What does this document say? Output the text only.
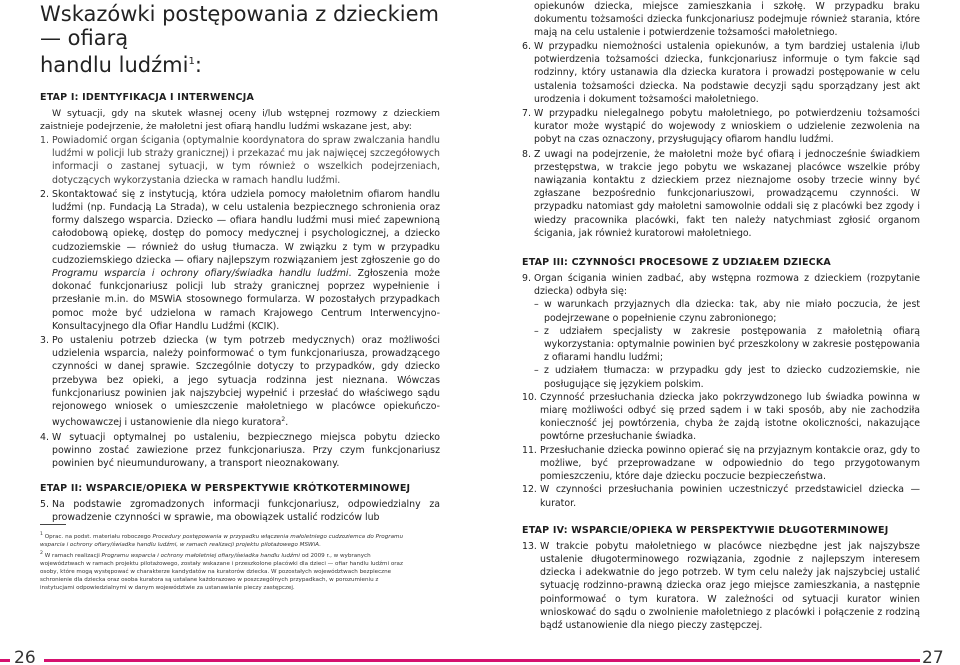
Wskazówki postępowania z dzieckiem — ofiarą
handlu ludźmi$^1$:
ETAP I: IDENTYFIKACJA I INTERWENCJA
W sytuacji, gdy na skutek własnej oceny i/lub wstępnej rozmowy z dzieckiem zaistnieje podejrzenie, że małoletni jest ofiarą handlu ludźmi wskazane jest, aby:
1. Powiadomić organ ścigania (optymalnie koordynatora do spraw zwalczania handlu ludźmi w policji lub straży granicznej) i przekazać mu jak najwięcej szczegółowych informacji o zastanej sytuacji, w tym również o wszelkich podejrzeniach, dotyczących wykorzystania dziecka w ramach handlu ludźmi.
2. Skontaktować się z instytucją, która udziela pomocy małoletnim ofiarom handlu ludźmi (np. Fundacją La Strada), w celu ustalenia bezpiecznego schronienia oraz formy dalszego wsparcia. Dziecko — ofiara handlu ludźmi musi mieć zapewnioną całodobową opiekę, dostęp do pomocy medycznej i psychologicznej, a dziecko cudzoziemskie — również do usług tłumacza. W związku z tym w przypadku cudzoziemskiego dziecka — ofiary najlepszym rozwiązaniem jest zgłoszenie go do Programu wsparcia i ochrony ofiary/świadka handlu ludźmi. Zgłoszenia może dokonać funkcjonariusz policji lub straży granicznej poprzez wypełnienie i przesłanie m.in. do MSWiA stosownego formularza. W pozostałych przypadkach pomoc może być udzielona w ramach Krajowego Centrum Interwencyjno-Konsultacyjnego dla Ofiar Handlu Ludźmi (KCIK).
3. Po ustaleniu potrzeb dziecka (w tym potrzeb medycznych) oraz możliwości udzielenia wsparcia, należy poinformować o tym funkcjonariusza, prowadzącego czynności w danej sprawie. Szczególnie dotyczy to przypadków, gdy dziecko przebywa bez opieki, a jego sytuacja rodzinna jest nieznana. Wówczas funkcjonariusz powinien jak najszybciej wypełnić i przesłać do właściwego sądu rejonowego wniosek o umieszczenie małoletniego w placówce opiekuńczo-wychowawczej i ustanowienie dla niego kuratora$^2$.
4. W sytuacji optymalnej po ustaleniu, bezpiecznego miejsca pobytu dziecko powinno zostać zawiezione przez funkcjonariusza. Przy czym funkcjonariusz powinien być nieumundurowany, a transport nieoznakowany.
ETAP II: WSPARCIE/OPIEKA W PERSPEKTYWIE KRÓTKOTERMINOWEJ
5. Na podstawie zgromadzonych informacji funkcjonariusz, odpowiedzialny za prowadzenie czynności w sprawie, ma obowiązek ustalić rodziców lub
$^1$ Oprac. na podst. materiału roboczego Procedury postępowania w przypadku włączenia małoletniego cudzoziemca do Programu wsparcia i ochrony ofiary/świadka handlu ludźmi, w ramach realizacji projektu pilotażowego MSWiA.
$^2$ W ramach realizacji Programu wsparcia i ochrony małoletniej ofiary/świadka handlu ludźmi od 2009 r., w wybranych województwach w ramach projektu pilotażowego, zostały wskazane i przeszkolone placówki dla dzieci — ofiar handlu ludźmi oraz osoby, które mogą występować w charakterze kandydatów na kuratorów dziecka. W pozostałych województwach bezpieczne schronienie dla dziecka oraz osoba kuratora są ustalane każdorazowo w poszczególnych przypadkach, w porozumieniu z instytucjami odpowiedzialnymi w danym województwie za ustanawianie pieczy zastępczej.
opiekunów dziecka, miejsce zamieszkania i szkołę. W przypadku braku dokumentu tożsamości dziecka funkcjonariusz podejmuje również starania, które mają na celu ustalenie i potwierdzenie tożsamości małoletniego.
6. W przypadku niemożności ustalenia opiekunów, a tym bardziej ustalenia i/lub potwierdzenia tożsamości dziecka, funkcjonariusz informuje o tym fakcie sąd rodzinny, który ustanawia dla dziecka kuratora i prowadzi postępowanie w celu ustalenia tożsamości dziecka. Na podstawie decyzji sądu sporządzany jest akt urodzenia i dokument tożsamości małoletniego.
7. W przypadku nielegalnego pobytu małoletniego, po potwierdzeniu tożsamości kurator może wystąpić do wojewody z wnioskiem o udzielenie zezwolenia na pobyt na czas oznaczony, przysługujący ofiarom handlu ludźmi.
8. Z uwagi na podejrzenie, że małoletni może być ofiarą i jednocześnie świadkiem przestępstwa, w trakcie jego pobytu we wskazanej placówce wszelkie próby nawiązania kontaktu z dzieckiem przez nieznajome osoby trzecie winny być zgłaszane bezpośrednio funkcjonariuszowi, prowadzącemu czynności. W przypadku natomiast gdy małoletni samowolnie oddali się z placówki bez zgody i wiedzy pracownika placówki, fakt ten należy natychmiast zgłosić organom ścigania, jak również kuratorowi małoletniego.
ETAP III: CZYNNOŚCI PROCESOWE Z UDZIAŁEM DZIECKA
9. Organ ścigania winien zadbać, aby wstępna rozmowa z dzieckiem (rozpytanie dziecka) odbyła się:
– w warunkach przyjaznych dla dziecka: tak, aby nie miało poczucia, że jest podejrzewane o popełnienie czynu zabronionego;
– z udziałem specjalisty w zakresie postępowania z małoletnią ofiarą wykorzystania: optymalnie powinien być przeszkolony w zakresie postępowania z ofiarami handlu ludźmi;
– z udziałem tłumacza: w przypadku gdy jest to dziecko cudzoziemskie, nie posługujące się językiem polskim.
10. Czynność przesłuchania dziecka jako pokrzywdzonego lub świadka powinna w miarę możliwości odbyć się przed sądem i w taki sposób, aby nie zachodziła konieczność jej powtórzenia, chyba że zajdą istotne okoliczności, nakazujące powtórne przesłuchanie świadka.
11. Przesłuchanie dziecka powinno opierać się na przyjaznym kontakcie oraz, gdy to możliwe, być przeprowadzane w odpowiednio do tego przygotowanym pomieszczeniu, które daje dziecku poczucie bezpieczeństwa.
12. W czynności przesłuchania powinien uczestniczyć przedstawiciel dziecka — kurator.
ETAP IV: WSPARCIE/OPIEKA W PERSPEKTYWIE DŁUGOTERMINOWEJ
13. W trakcie pobytu małoletniego w placówce niezbędne jest jak najszybsze ustalenie długoterminowego rozwiązania, zgodnie z najlepszym interesem dziecka i adekwatnie do jego potrzeb. W tym celu należy jak najszybciej ustalić sytuację rodzinno-prawną dziecka oraz jego miejsce zamieszkania, a następnie poinformować o tym kuratora. W zależności od sytuacji kurator winien wnioskować do sądu o zwolnienie małoletniego z placówki i połączenie z rodziną bądź ustanowienie dla niego pieczy zastępczej.
26	27
